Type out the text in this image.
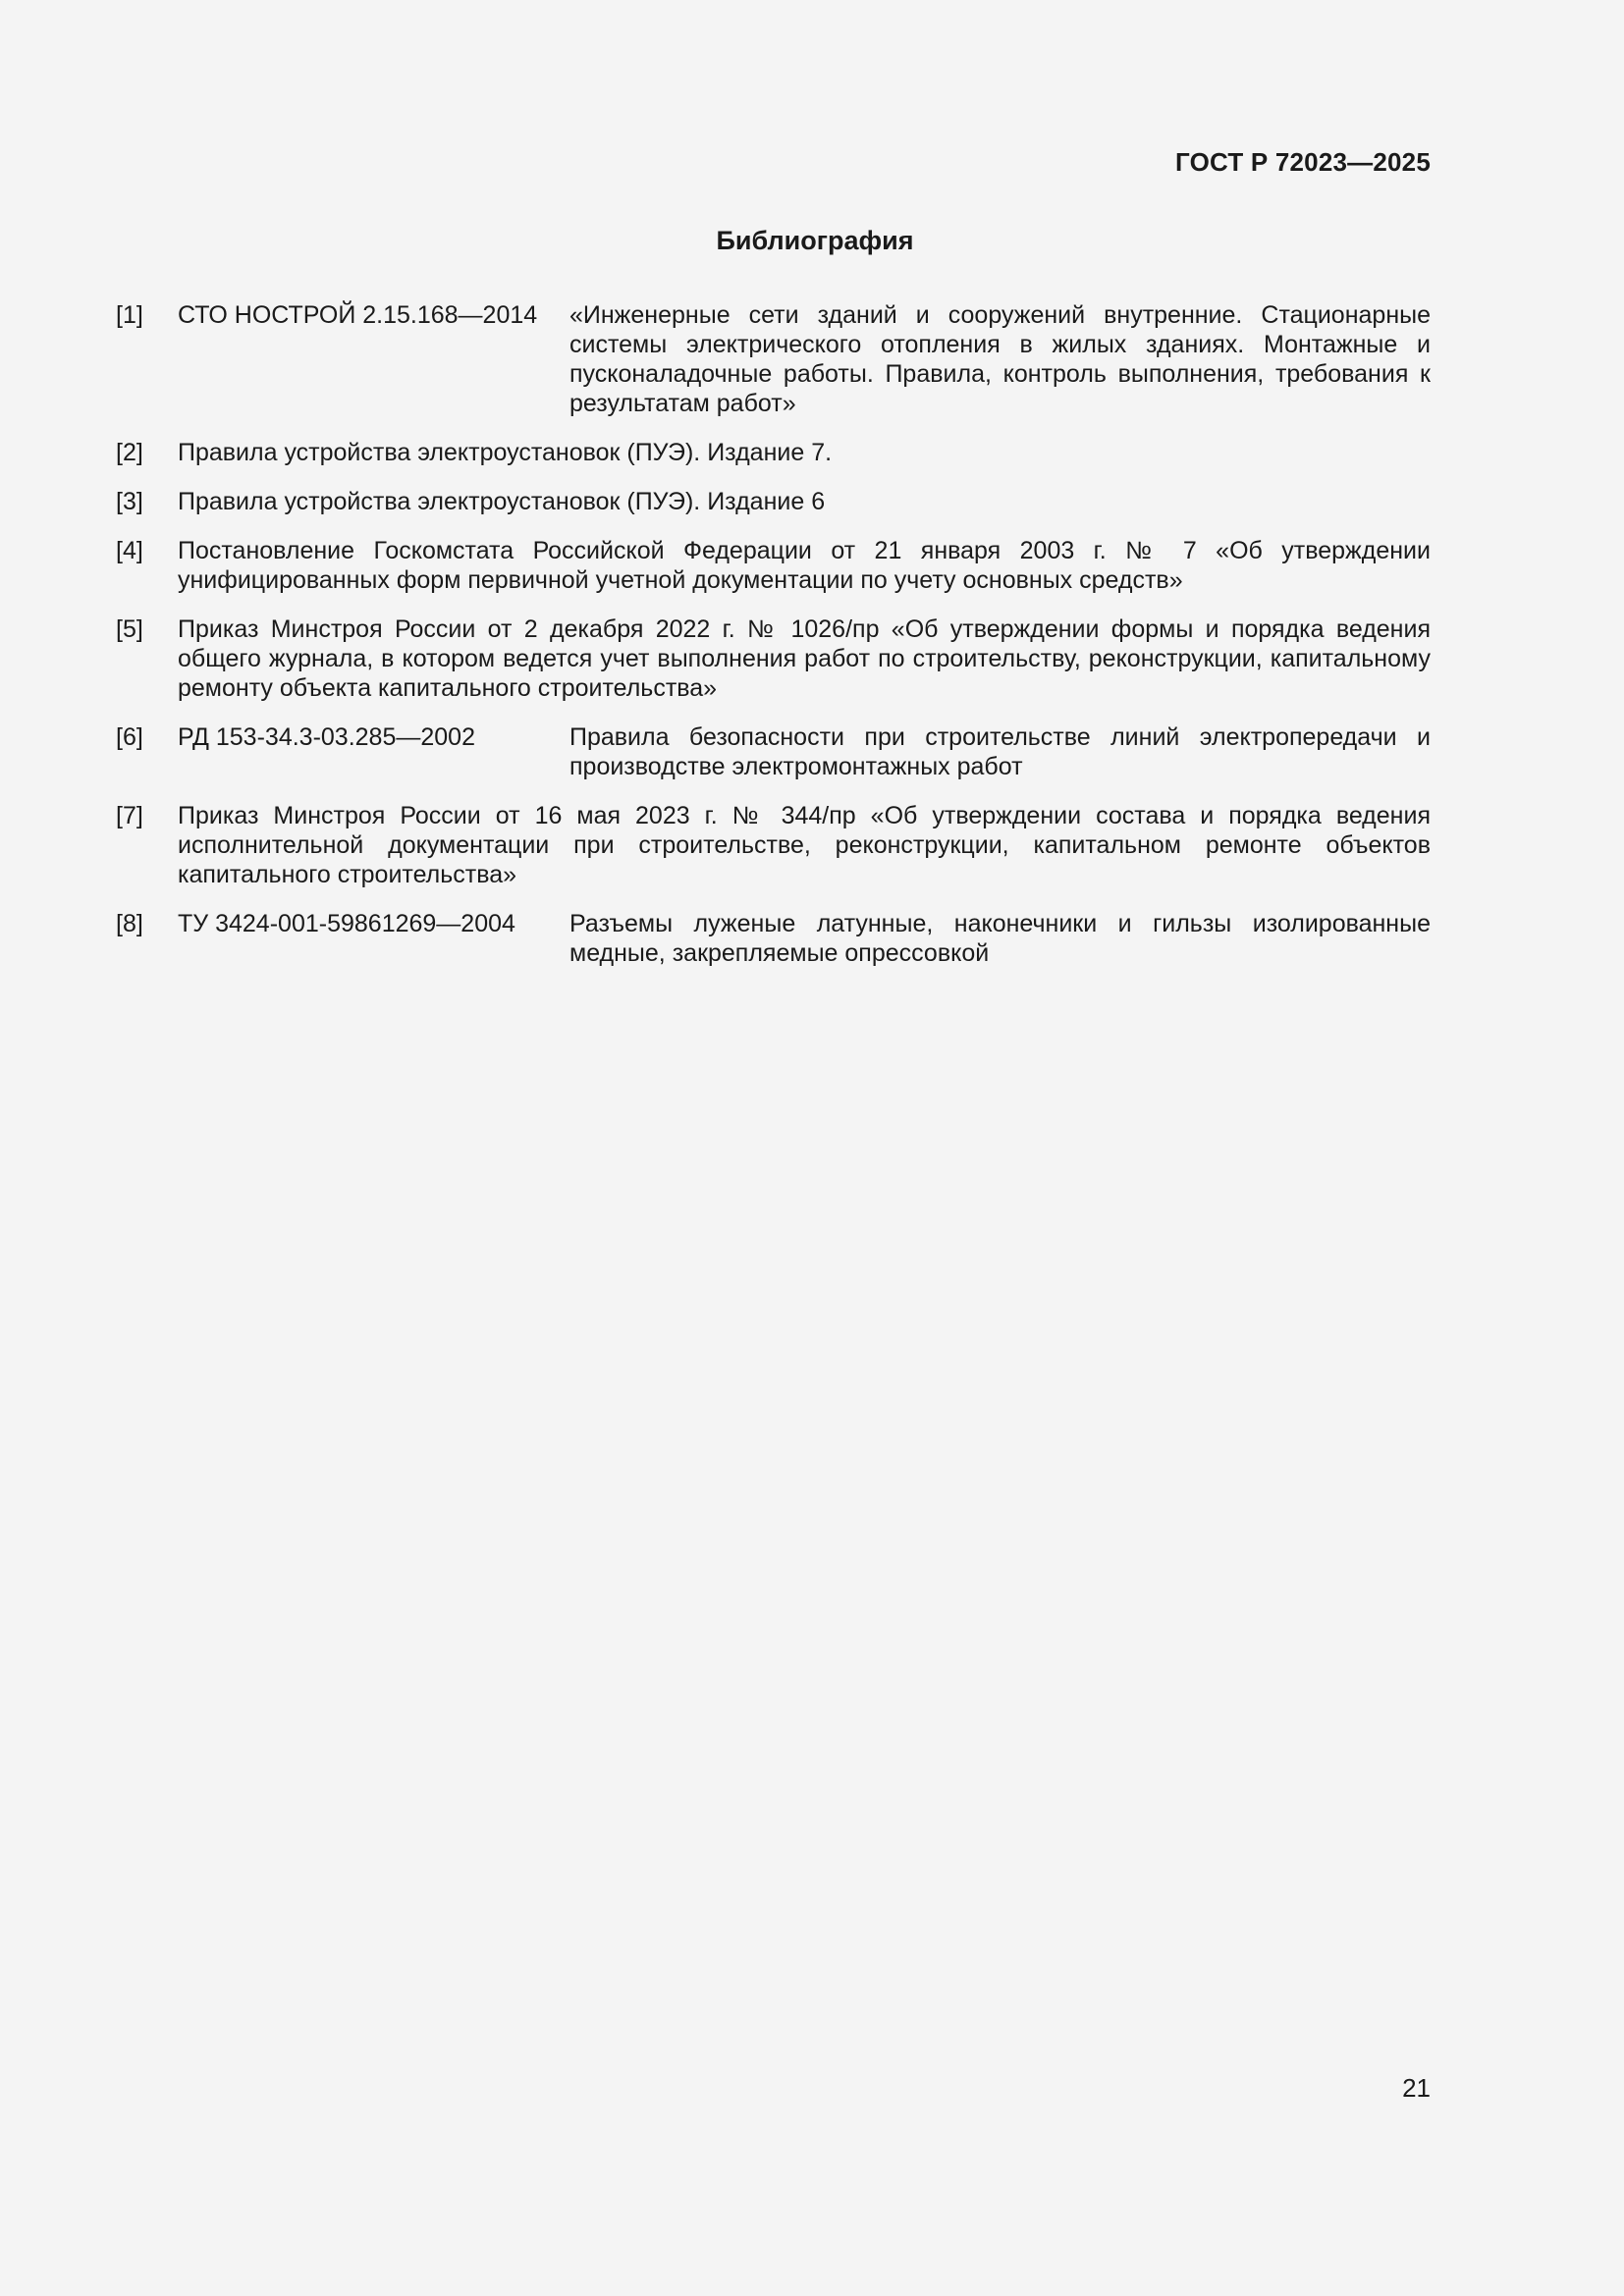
ГОСТ Р 72023—2025
Библиография
[1] СТО НОСТРОЙ 2.15.168—2014 «Инженерные сети зданий и сооружений внутренние. Стационарные системы электрического отопления в жилых зданиях. Монтажные и пусконаладочные работы. Правила, контроль выполнения, требования к результатам работ»
[2] Правила устройства электроустановок (ПУЭ). Издание 7.
[3] Правила устройства электроустановок (ПУЭ). Издание 6
[4] Постановление Госкомстата Российской Федерации от 21 января 2003 г. № 7 «Об утверждении унифицированных форм первичной учетной документации по учету основных средств»
[5] Приказ Минстроя России от 2 декабря 2022 г. № 1026/пр «Об утверждении формы и порядка ведения общего журнала, в котором ведется учет выполнения работ по строительству, реконструкции, капитальному ремонту объекта капитального строительства»
[6] РД 153-34.3-03.285—2002	Правила безопасности при строительстве линий электропередачи и производстве электромонтажных работ
[7] Приказ Минстроя России от 16 мая 2023 г. № 344/пр «Об утверждении состава и порядка ведения исполнительной документации при строительстве, реконструкции, капитальном ремонте объектов капитального строительства»
[8] ТУ 3424-001-59861269—2004 Разъемы луженые латунные, наконечники и гильзы изолированные медные, закрепляемые опрессовкой
21
